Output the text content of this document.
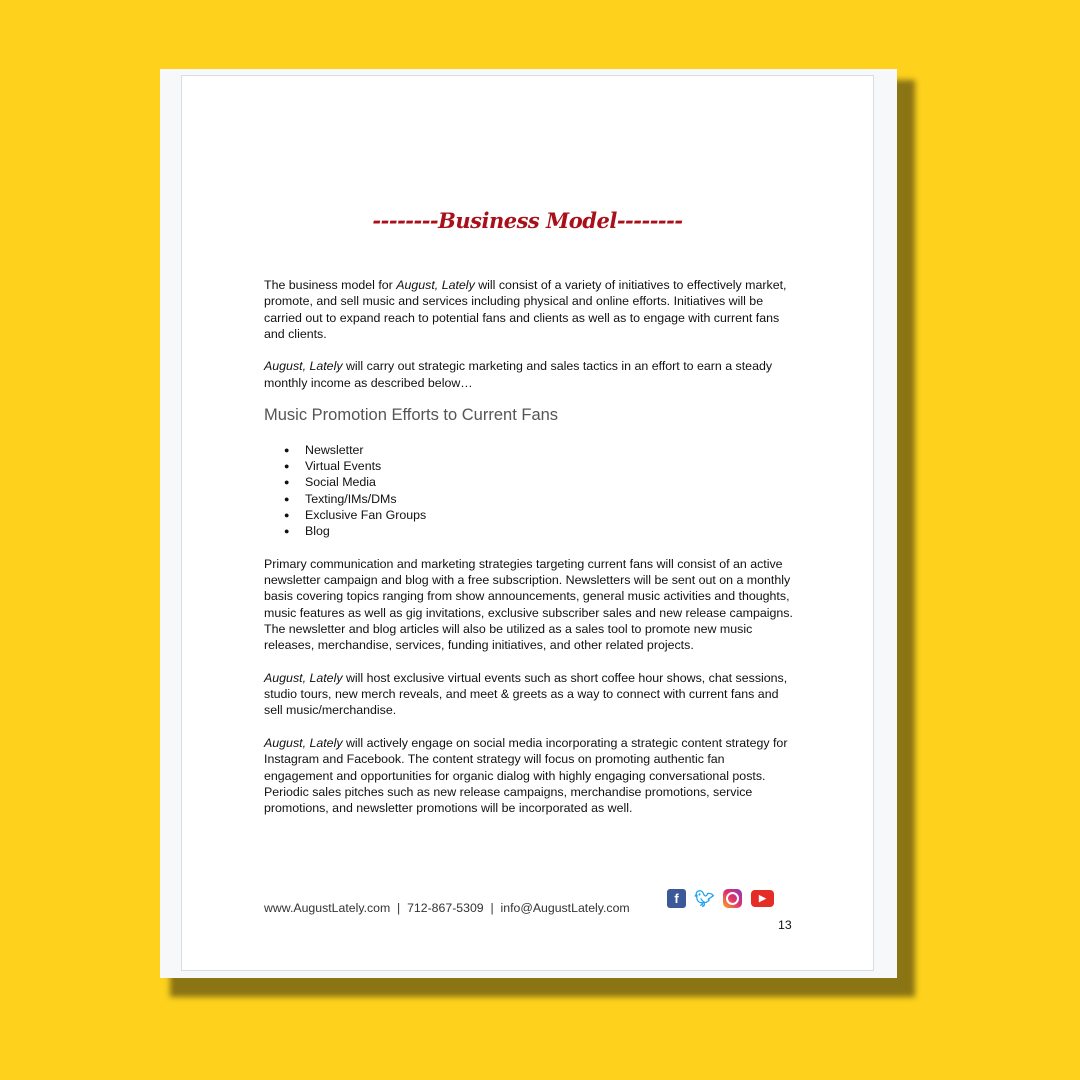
--------Business Model--------

The business model for August, Lately will consist of a variety of initiatives to effectively market, promote, and sell music and services including physical and online efforts. Initiatives will be carried out to expand reach to potential fans and clients as well as to engage with current fans and clients.

August, Lately will carry out strategic marketing and sales tactics in an effort to earn a steady monthly income as described below…

Music Promotion Efforts to Current Fans
● Newsletter
● Virtual Events
● Social Media
● Texting/IMs/DMs
● Exclusive Fan Groups
● Blog

Primary communication and marketing strategies targeting current fans will consist of an active newsletter campaign and blog with a free subscription. Newsletters will be sent out on a monthly basis covering topics ranging from show announcements, general music activities and thoughts, music features as well as gig invitations, exclusive subscriber sales and new release campaigns. The newsletter and blog articles will also be utilized as a sales tool to promote new music releases, merchandise, services, funding initiatives, and other related projects.

August, Lately will host exclusive virtual events such as short coffee hour shows, chat sessions, studio tours, new merch reveals, and meet & greets as a way to connect with current fans and sell music/merchandise.

August, Lately will actively engage on social media incorporating a strategic content strategy for Instagram and Facebook. The content strategy will focus on promoting authentic fan engagement and opportunities for organic dialog with highly engaging conversational posts. Periodic sales pitches such as new release campaigns, merchandise promotions, service promotions, and newsletter promotions will be incorporated as well.

www.AugustLately.com  |  712-867-5309  |  info@AugustLately.com
f 🐦︎	▶
13
